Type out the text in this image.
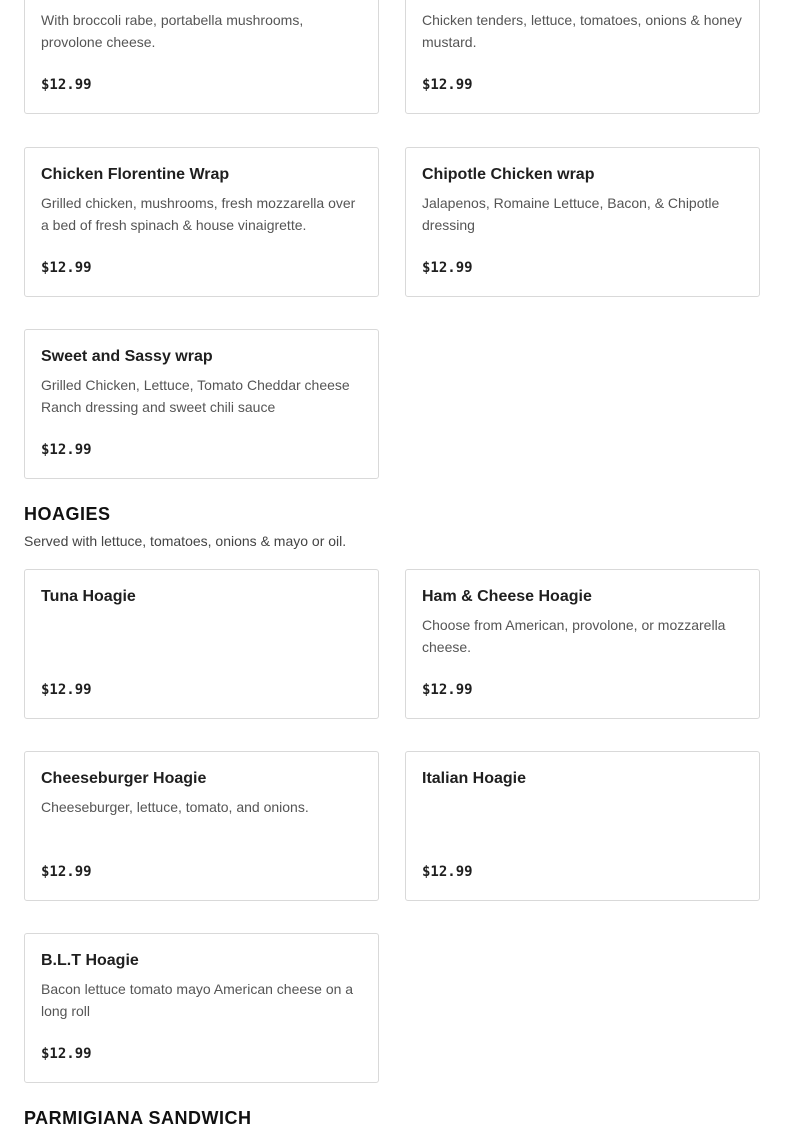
With broccoli rabe, portabella mushrooms, provolone cheese.
$12.99
Chicken tenders, lettuce, tomatoes, onions & honey mustard.
$12.99
Chicken Florentine Wrap
Grilled chicken, mushrooms, fresh mozzarella over a bed of fresh spinach & house vinaigrette.
$12.99
Chipotle Chicken wrap
Jalapenos, Romaine Lettuce, Bacon, & Chipotle dressing
$12.99
Sweet and Sassy wrap
Grilled Chicken, Lettuce, Tomato Cheddar cheese Ranch dressing and sweet chili sauce
$12.99
HOAGIES
Served with lettuce, tomatoes, onions & mayo or oil.
Tuna Hoagie
$12.99
Ham & Cheese Hoagie
Choose from American, provolone, or mozzarella cheese.
$12.99
Cheeseburger Hoagie
Cheeseburger, lettuce, tomato, and onions.
$12.99
Italian Hoagie
$12.99
B.L.T Hoagie
Bacon lettuce tomato mayo American cheese on a long roll
$12.99
PARMIGIANA SANDWICH
